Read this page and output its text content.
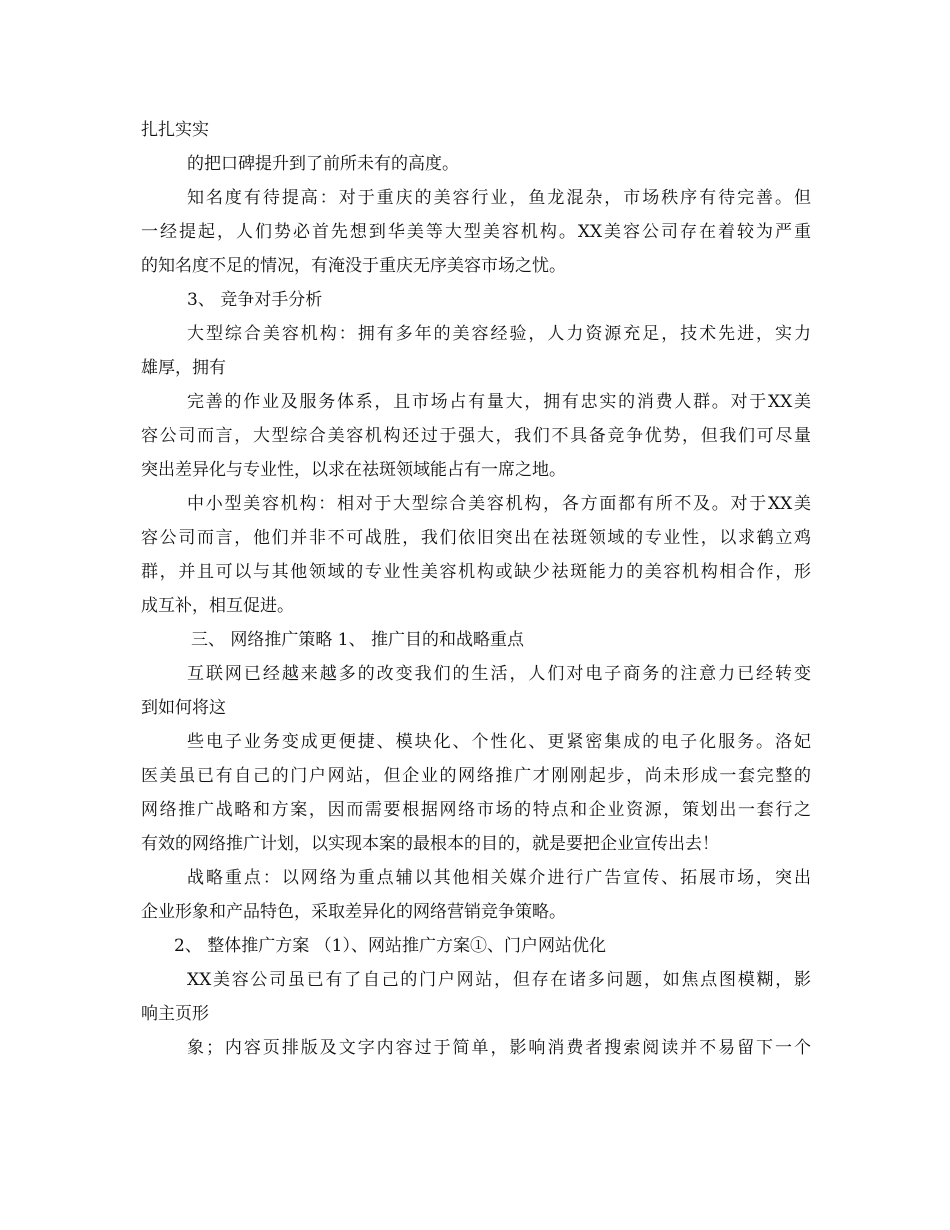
扎扎实实
的把口碑提升到了前所未有的高度。
知名度有待提高：对于重庆的美容行业，鱼龙混杂，市场秩序有待完善。但
一经提起，人们势必首先想到华美等大型美容机构。XX美容公司存在着较为严重
的知名度不足的情况，有淹没于重庆无序美容市场之忧。
3、 竞争对手分析
大型综合美容机构：拥有多年的美容经验，人力资源充足，技术先进，实力
雄厚，拥有
完善的作业及服务体系，且市场占有量大，拥有忠实的消费人群。对于XX美
容公司而言，大型综合美容机构还过于强大，我们不具备竞争优势，但我们可尽量
突出差异化与专业性，以求在祛斑领域能占有一席之地。
中小型美容机构：相对于大型综合美容机构，各方面都有所不及。对于XX美
容公司而言，他们并非不可战胜，我们依旧突出在祛斑领域的专业性，以求鹤立鸡
群，并且可以与其他领域的专业性美容机构或缺少祛斑能力的美容机构相合作，形
成互补，相互促进。
三、 网络推广策略 1、 推广目的和战略重点
互联网已经越来越多的改变我们的生活，人们对电子商务的注意力已经转变
到如何将这
些电子业务变成更便捷、模块化、个性化、更紧密集成的电子化服务。洛妃
医美虽已有自己的门户网站，但企业的网络推广才刚刚起步，尚未形成一套完整的
网络推广战略和方案，因而需要根据网络市场的特点和企业资源，策划出一套行之
有效的网络推广计划，以实现本案的最根本的目的，就是要把企业宣传出去！
战略重点：以网络为重点辅以其他相关媒介进行广告宣传、拓展市场，突出
企业形象和产品特色，采取差异化的网络营销竞争策略。
2、 整体推广方案 （1）、网站推广方案①、门户网站优化
XX美容公司虽已有了自己的门户网站，但存在诸多问题，如焦点图模糊，影
响主页形
象；内容页排版及文字内容过于简单，影响消费者搜索阅读并不易留下一个
